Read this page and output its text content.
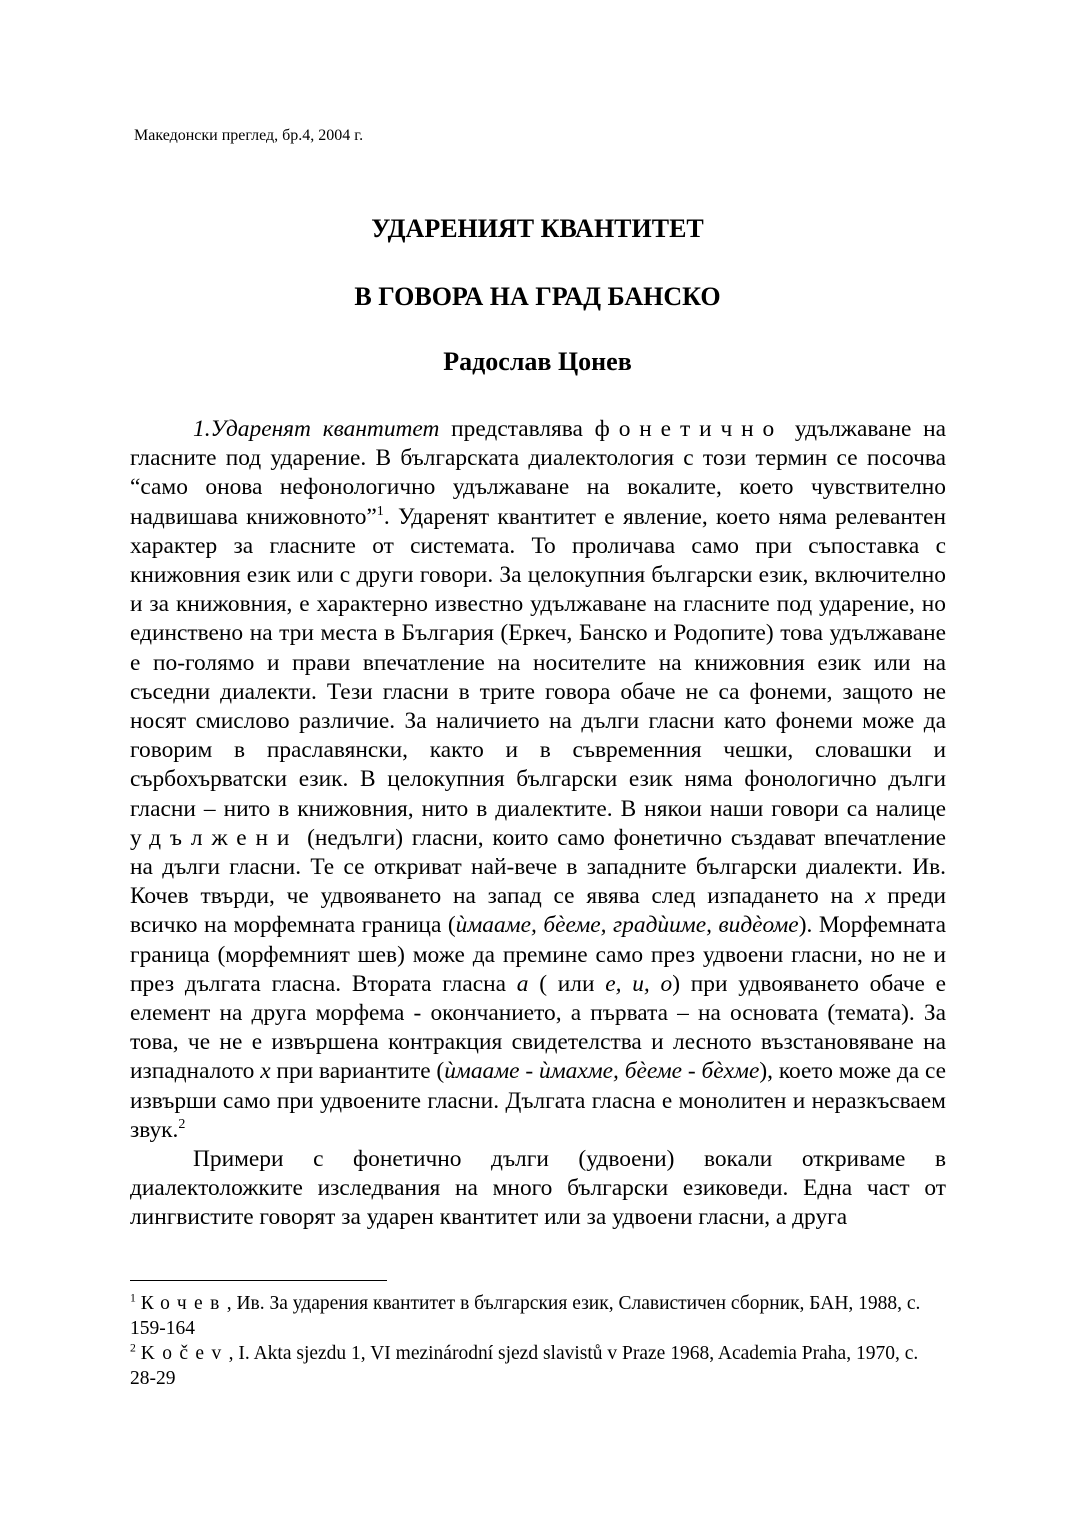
Македонски преглед, бр.4, 2004 г.
УДАРЕНИЯТ КВАНТИТЕТ
В ГОВОРА НА ГРАД БАНСКО
Радослав Цонев

1.Ударенят квантитет представлява фонетично удължаване на гласните под ударение. В българската диалектология с този термин се посочва “само онова нефонологично удължаване на вокалите, което чувствително надвишава книжовното”$^1$. Ударенят квантитет е явление, което няма релевантен характер за гласните от системата. То проличава само при съпоставка с книжовния език или с други говори. За целокупния български език, включително и за книжовния, е характерно известно удължаване на гласните под ударение, но единствено на три места в България (Еркеч, Банско и Родопите) това удължаване е по-голямо и прави впечатление на носителите на книжовния език или на съседни диалекти. Тези гласни в трите говора обаче не са фонеми, защото не носят смислово различие. За наличието на дълги гласни като фонеми може да говорим в праславянски, както и в съвременния чешки, словашки и сърбохърватски език. В целокупния български език няма фонологично дълги гласни – нито в книжовния, нито в диалектите. В някои наши говори са налице удължени (недълги) гласни, които само фонетично създават впечатление на дълги гласни. Те се откриват най-вече в западните български диалекти. Ив. Кочев твърди, че удвояването на запад се явява след изпадането на х преди всичко на морфемната граница (ѝмааме, бѐеме, градѝиме, видѐоме). Морфемната граница (морфемният шев) може да премине само през удвоени гласни, но не и през дългата гласна. Втората гласна а ( или е, и, о) при удвояването обаче е елемент на друга морфема - окончанието, а първата – на основата (темата). За това, че не е извършена контракция свидетелства и лесното възстановяване на изпадналото х при вариантите (ѝмааме - ѝмахме, бѐеме - бѐхме), което може да се извърши само при удвоените гласни. Дългата гласна е монолитен и неразкъсваем звук.$^2$

Примери с фонетично дълги (удвоени) вокали откриваме в диалектоложките изследвания на много български езиковеди. Една част от лингвистите говорят за ударен квантитет или за удвоени гласни, а друга

$^1$ Кочев, Ив. За ударения квантитет в българския език, Славистичен сборник, БАН, 1988, с. 159-164

$^2$ Kočev, I. Akta sjezdu 1, VI mezinárodní sjezd slavistů v Praze 1968, Academia Praha, 1970, c. 28-29
